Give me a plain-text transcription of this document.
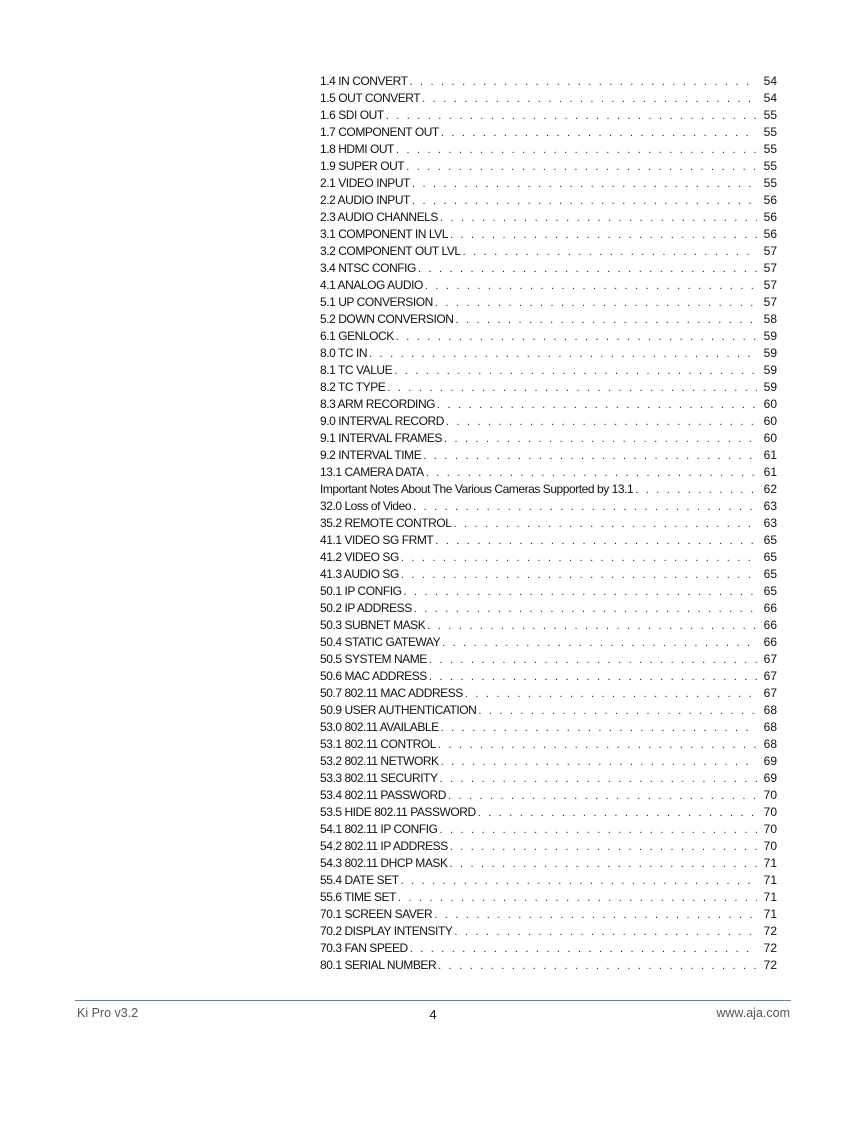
1.4 IN CONVERT . . .	54
1.5 OUT CONVERT . . .	54
1.6 SDI OUT . . .	55
1.7 COMPONENT OUT . . .	55
1.8 HDMI OUT . . .	55
1.9 SUPER OUT . . .	55
2.1 VIDEO INPUT . . .	55
2.2 AUDIO INPUT . . .	56
2.3 AUDIO CHANNELS . . .	56
3.1 COMPONENT IN LVL . . .	56
3.2 COMPONENT OUT LVL . . .	57
3.4 NTSC CONFIG . . .	57
4.1 ANALOG AUDIO . . .	57
5.1 UP CONVERSION . . .	57
5.2 DOWN CONVERSION . . .	58
6.1 GENLOCK . . .	59
8.0 TC IN . . .	59
8.1 TC VALUE . . .	59
8.2 TC TYPE . . .	59
8.3 ARM RECORDING . . .	60
9.0 INTERVAL RECORD . . .	60
9.1 INTERVAL FRAMES . . .	60
9.2 INTERVAL TIME . . .	61
13.1 CAMERA DATA . . .	61
Important Notes About The Various Cameras Supported by 13.1 . . .	62
32.0 Loss of Video . . .	63
35.2 REMOTE CONTROL . . .	63
41.1 VIDEO SG FRMT . . .	65
41.2 VIDEO SG . . .	65
41.3 AUDIO SG . . .	65
50.1 IP CONFIG . . .	65
50.2 IP ADDRESS . . .	66
50.3 SUBNET MASK . . .	66
50.4 STATIC GATEWAY . . .	66
50.5 SYSTEM NAME . . .	67
50.6 MAC ADDRESS . . .	67
50.7 802.11 MAC ADDRESS . . .	67
50.9 USER AUTHENTICATION . . .	68
53.0 802.11 AVAILABLE . . .	68
53.1 802.11 CONTROL . . .	68
53.2 802.11 NETWORK . . .	69
53.3 802.11 SECURITY . . .	69
53.4 802.11 PASSWORD . . .	70
53.5 HIDE 802.11 PASSWORD . . .	70
54.1 802.11 IP CONFIG . . .	70
54.2 802.11 IP ADDRESS . . .	70
54.3 802.11 DHCP MASK . . .	71
55.4 DATE SET . . .	71
55.6 TIME SET . . .	71
70.1 SCREEN SAVER . . .	71
70.2 DISPLAY INTENSITY . . .	72
70.3 FAN SPEED . . .	72
80.1 SERIAL NUMBER . . .	72
Ki Pro v3.2	4	www.aja.com
